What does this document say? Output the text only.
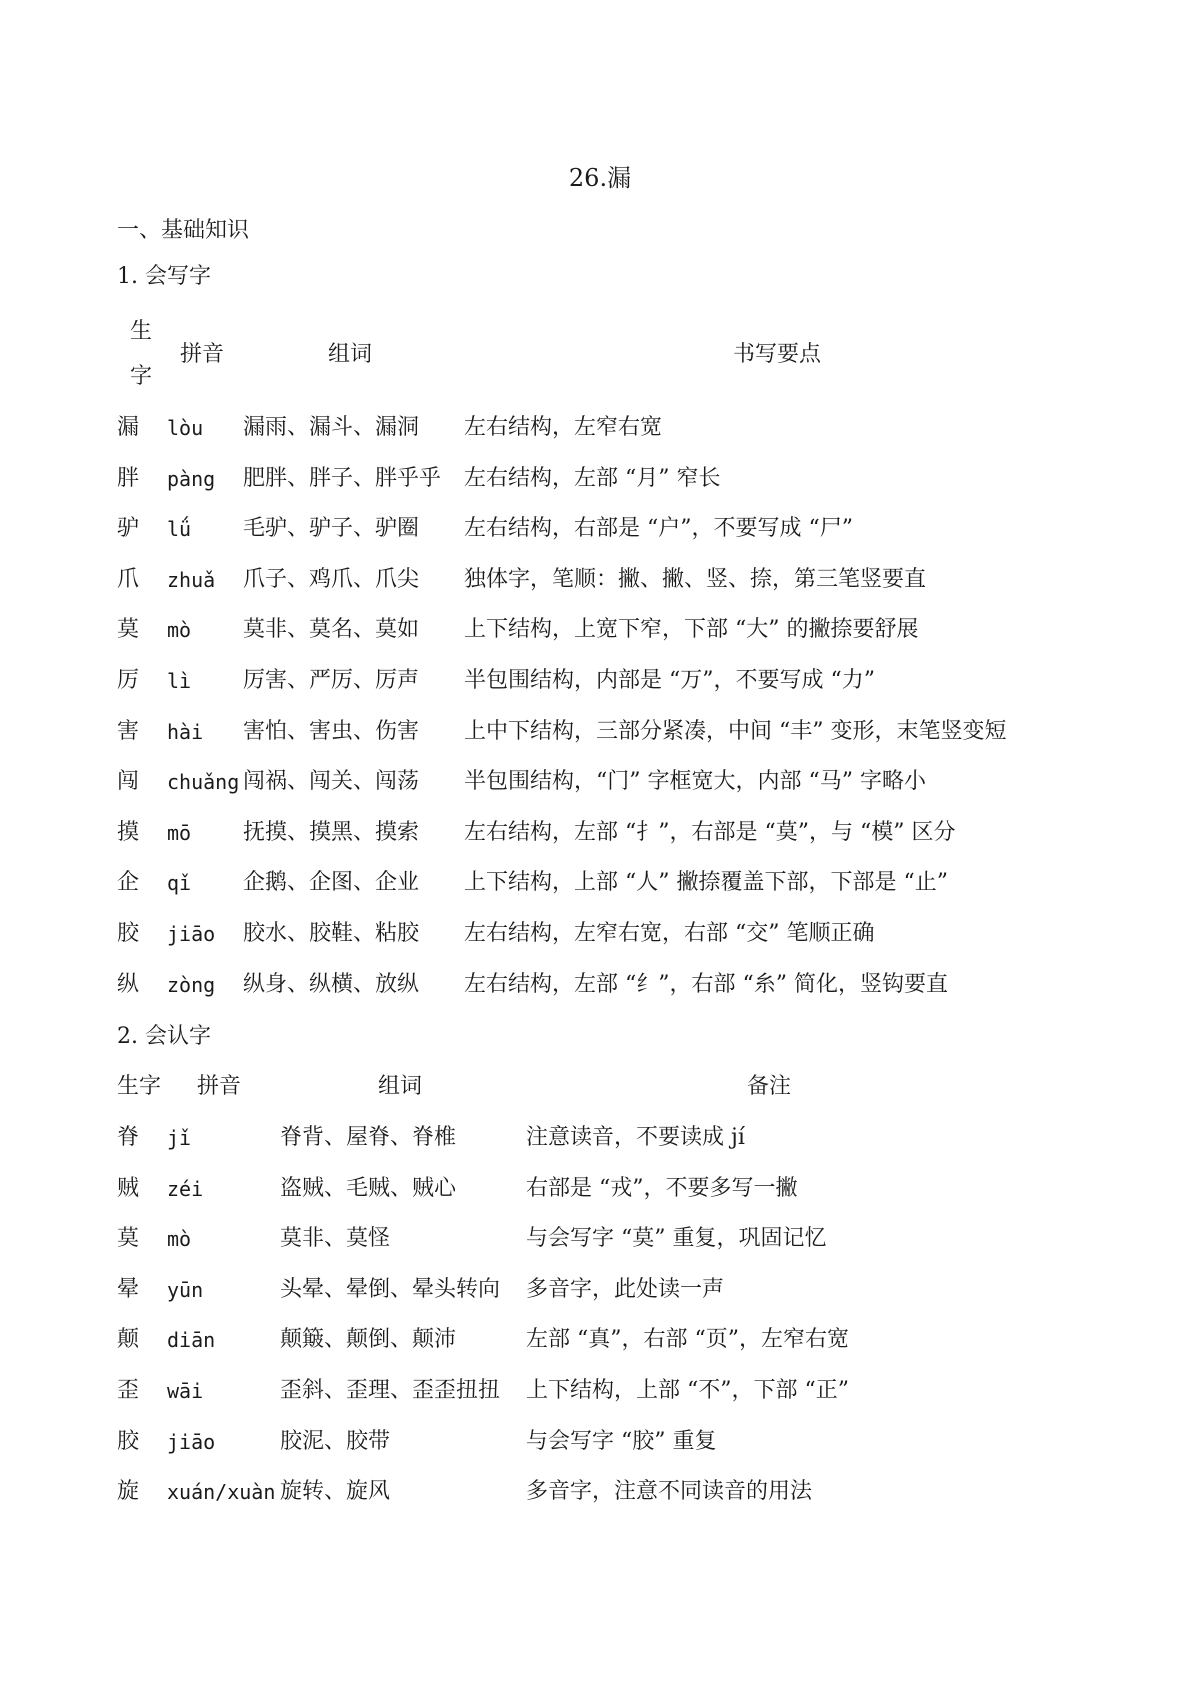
26.漏
一、基础知识
1. 会写字
生
字
拼音	组词	书写要点
漏 lòu 漏雨、漏斗、漏洞 左右结构，左窄右宽
胖 pàng 肥胖、胖子、胖乎乎 左右结构，左部 “月” 窄长
驴 lǘ 毛驴、驴子、驴圈 左右结构，右部是 “户”，不要写成 “尸”
爪 zhuǎ 爪子、鸡爪、爪尖 独体字，笔顺：撇、撇、竖、捺，第三笔竖要直
莫 mò 莫非、莫名、莫如 上下结构，上宽下窄，下部 “大” 的撇捺要舒展
厉 lì 厉害、严厉、厉声 半包围结构，内部是 “万”，不要写成 “力”
害 hài 害怕、害虫、伤害 上中下结构，三部分紧凑，中间 “丰” 变形，末笔竖变短
闯 chuǎng 闯祸、闯关、闯荡 半包围结构，“门” 字框宽大，内部 “马” 字略小
摸 mō 抚摸、摸黑、摸索 左右结构，左部 “扌”，右部是 “莫”，与 “模” 区分
企 qǐ 企鹅、企图、企业 上下结构，上部 “人” 撇捺覆盖下部，下部是 “止”
胶 jiāo 胶水、胶鞋、粘胶 左右结构，左窄右宽，右部 “交” 笔顺正确
纵 zòng 纵身、纵横、放纵 左右结构，左部 “纟”，右部 “糸” 简化，竖钩要直
2. 会认字
生字 拼音	组词	备注
脊 jǐ	脊背、屋脊、脊椎	注意读音，不要读成 jí
贼 zéi	盗贼、毛贼、贼心	右部是 “戎”，不要多写一撇
莫 mò	莫非、莫怪	与会写字 “莫” 重复，巩固记忆
晕 yūn	头晕、晕倒、晕头转向 多音字，此处读一声
颠 diān	颠簸、颠倒、颠沛	左部 “真”，右部 “页”，左窄右宽
歪 wāi	歪斜、歪理、歪歪扭扭 上下结构，上部 “不”，下部 “正”
胶 jiāo	胶泥、胶带	与会写字 “胶” 重复
旋 xuán/xuàn 旋转、旋风	多音字，注意不同读音的用法
